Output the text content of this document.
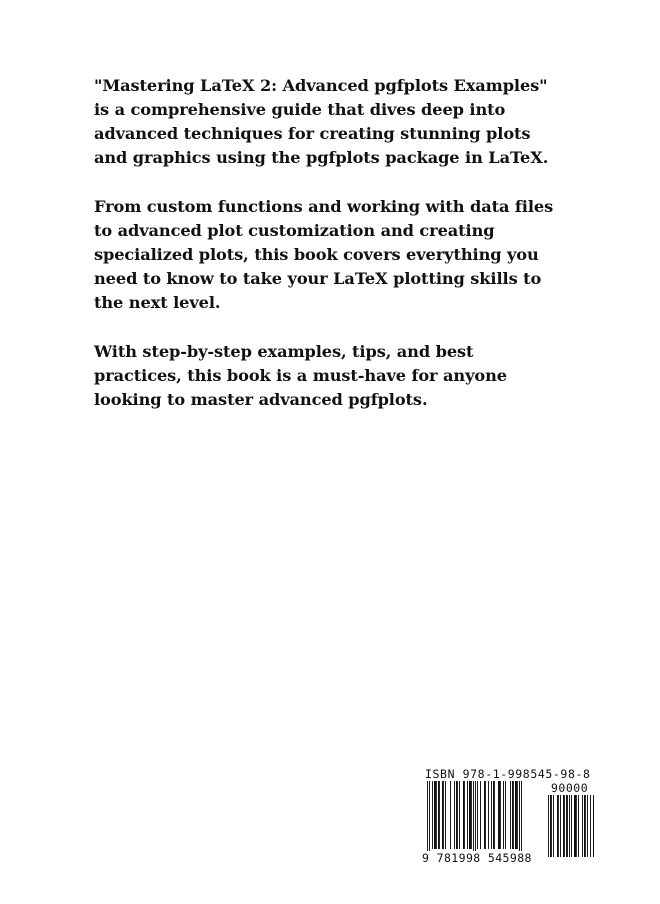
"Mastering LaTeX 2: Advanced pgfplots Examples" is a comprehensive guide that dives deep into advanced techniques for creating stunning plots and graphics using the pgfplots package in LaTeX.

From custom functions and working with data files to advanced plot customization and creating specialized plots, this book covers everything you need to know to take your LaTeX plotting skills to the next level.

With step-by-step examples, tips, and best practices, this book is a must-have for anyone looking to master advanced pgfplots.

ISBN 978-1-998545-98-8
90000
9 781998 545988
